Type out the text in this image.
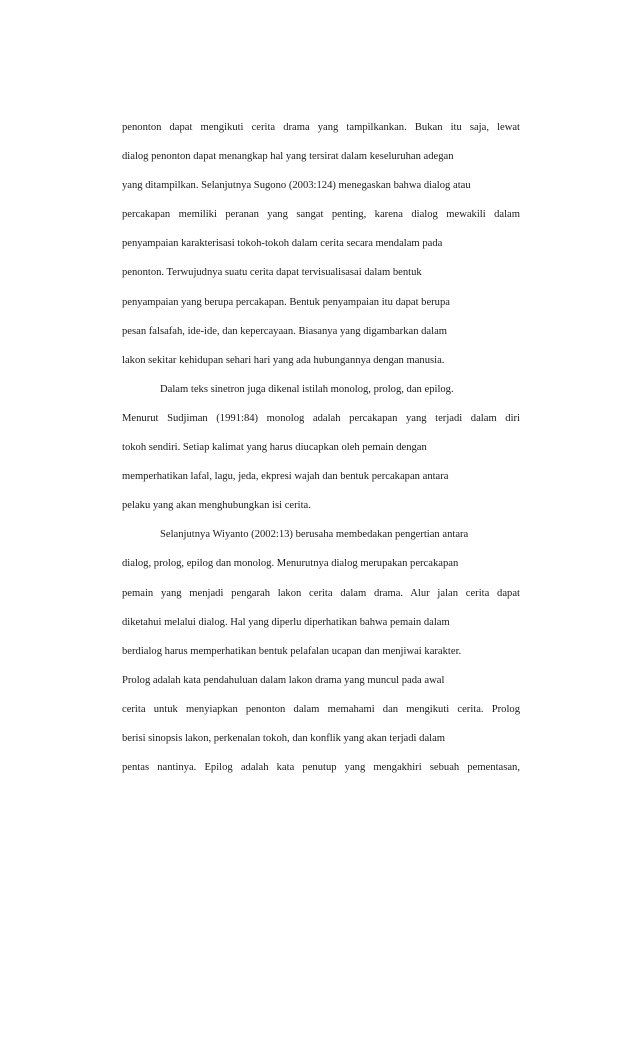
penonton dapat mengikuti cerita drama yang tampilkankan. Bukan itu saja, lewat
dialog penonton dapat menangkap hal yang tersirat dalam keseluruhan adegan
yang ditampilkan. Selanjutnya Sugono (2003:124) menegaskan bahwa dialog atau
percakapan memiliki peranan yang sangat penting, karena dialog mewakili dalam
penyampaian karakterisasi tokoh-tokoh dalam cerita secara mendalam pada
penonton. Terwujudnya suatu cerita dapat tervisualisasai dalam bentuk
penyampaian yang berupa percakapan. Bentuk penyampaian itu dapat berupa
pesan falsafah, ide-ide, dan kepercayaan. Biasanya yang digambarkan dalam
lakon sekitar kehidupan sehari hari yang ada hubungannya dengan manusia.
Dalam teks sinetron juga dikenal istilah monolog, prolog, dan epilog.
Menurut Sudjiman (1991:84) monolog adalah percakapan yang terjadi dalam diri
tokoh sendiri. Setiap kalimat yang harus diucapkan oleh pemain dengan
memperhatikan lafal, lagu, jeda, ekpresi wajah dan bentuk percakapan antara
pelaku yang akan menghubungkan isi cerita.
Selanjutnya Wiyanto (2002:13) berusaha membedakan pengertian antara
dialog, prolog, epilog dan monolog. Menurutnya dialog merupakan percakapan
pemain yang menjadi pengarah lakon cerita dalam drama. Alur jalan cerita dapat
diketahui melalui dialog. Hal yang diperlu diperhatikan bahwa pemain dalam
berdialog harus memperhatikan bentuk pelafalan ucapan dan menjiwai karakter.
Prolog adalah kata pendahuluan dalam lakon drama yang muncul pada awal
cerita untuk menyiapkan penonton dalam memahami dan mengikuti cerita. Prolog
berisi sinopsis lakon, perkenalan tokoh, dan konflik yang akan terjadi dalam
pentas nantinya. Epilog adalah kata penutup yang mengakhiri sebuah pementasan,
